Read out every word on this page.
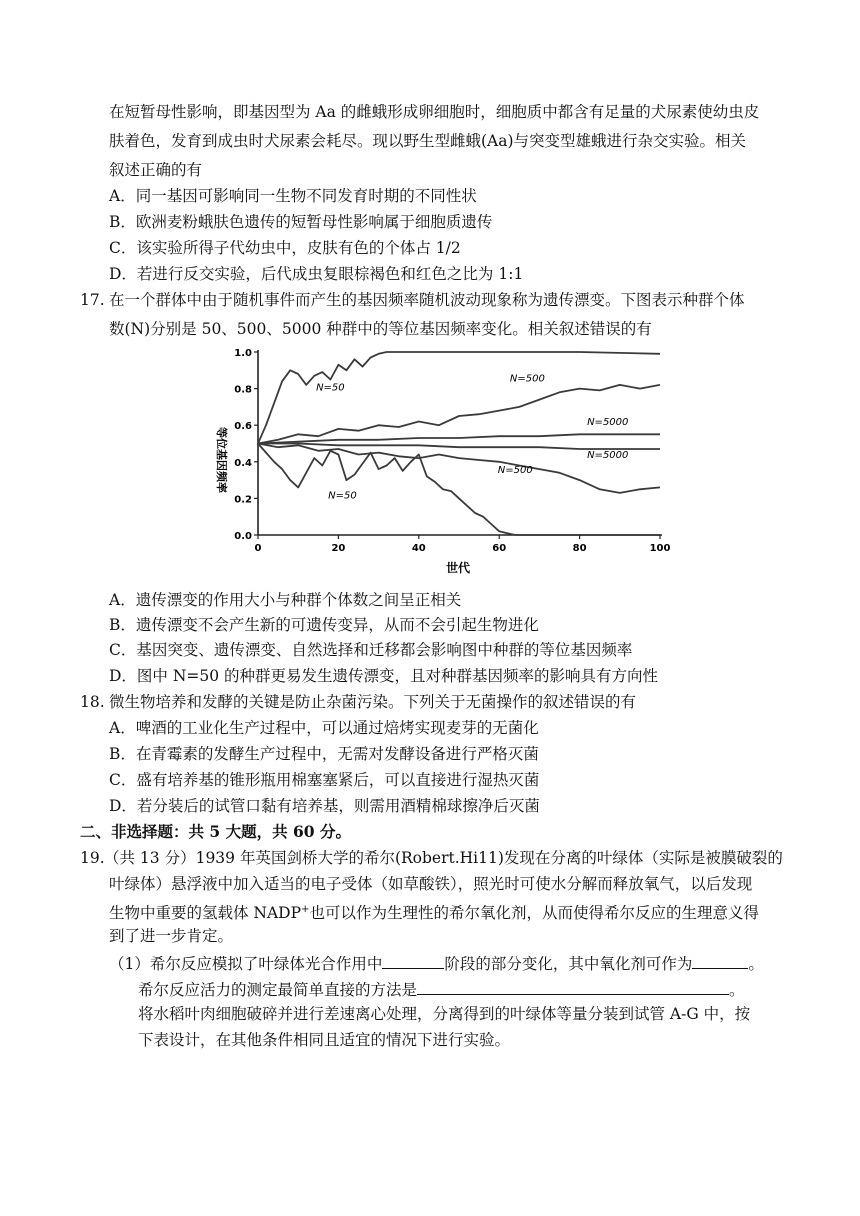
在短暂母性影响，即基因型为 Aa 的雌蛾形成卵细胞时，细胞质中都含有足量的犬尿素使幼虫皮
肤着色，发育到成虫时犬尿素会耗尽。现以野生型雌蛾(Aa)与突变型雄蛾进行杂交实验。相关
叙述正确的有
A．同一基因可影响同一生物不同发育时期的不同性状
B．欧洲麦粉蛾肤色遗传的短暂母性影响属于细胞质遗传
C．该实验所得子代幼虫中，皮肤有色的个体占 1/2
D．若进行反交实验，后代成虫复眼棕褐色和红色之比为 1:1
17. 在一个群体中由于随机事件而产生的基因频率随机波动现象称为遗传漂变。下图表示种群个体
数(N)分别是 50、500、5000 种群中的等位基因频率变化。相关叙述错误的有
N=50
N=500
N=5000
N=5000
N=500
N=50
0.0
0.2
0.4
0.6
0.8
1.0
0	20	40	60	80	100
世代
等位基因频率
A．遗传漂变的作用大小与种群个体数之间呈正相关
B．遗传漂变不会产生新的可遗传变异，从而不会引起生物进化
C．基因突变、遗传漂变、自然选择和迁移都会影响图中种群的等位基因频率
D．图中 N=50 的种群更易发生遗传漂变，且对种群基因频率的影响具有方向性
18. 微生物培养和发酵的关键是防止杂菌污染。下列关于无菌操作的叙述错误的有
A．啤酒的工业化生产过程中，可以通过焙烤实现麦芽的无菌化
B．在青霉素的发酵生产过程中，无需对发酵设备进行严格灭菌
C．盛有培养基的锥形瓶用棉塞塞紧后，可以直接进行湿热灭菌
D．若分装后的试管口黏有培养基，则需用酒精棉球擦净后灭菌
二、非选择题：共 5 大题，共 60 分。
19. （共 13 分）1939 年英国剑桥大学的希尔(Robert.Hi11)发现在分离的叶绿体（实际是被膜破裂的
叶绿体）悬浮液中加入适当的电子受体（如草酸铁），照光时可使水分解而释放氧气，以后发现
生物中重要的氢载体 NADP+也可以作为生理性的希尔氧化剂，从而使得希尔反应的生理意义得
到了进一步肯定。
（1）希尔反应模拟了叶绿体光合作用中	阶段的部分变化，其中氧化剂可作为	。
希尔反应活力的测定最简单直接的方法是	。
将水稻叶肉细胞破碎并进行差速离心处理，分离得到的叶绿体等量分装到试管 A-G 中，按
下表设计，在其他条件相同且适宜的情况下进行实验。
